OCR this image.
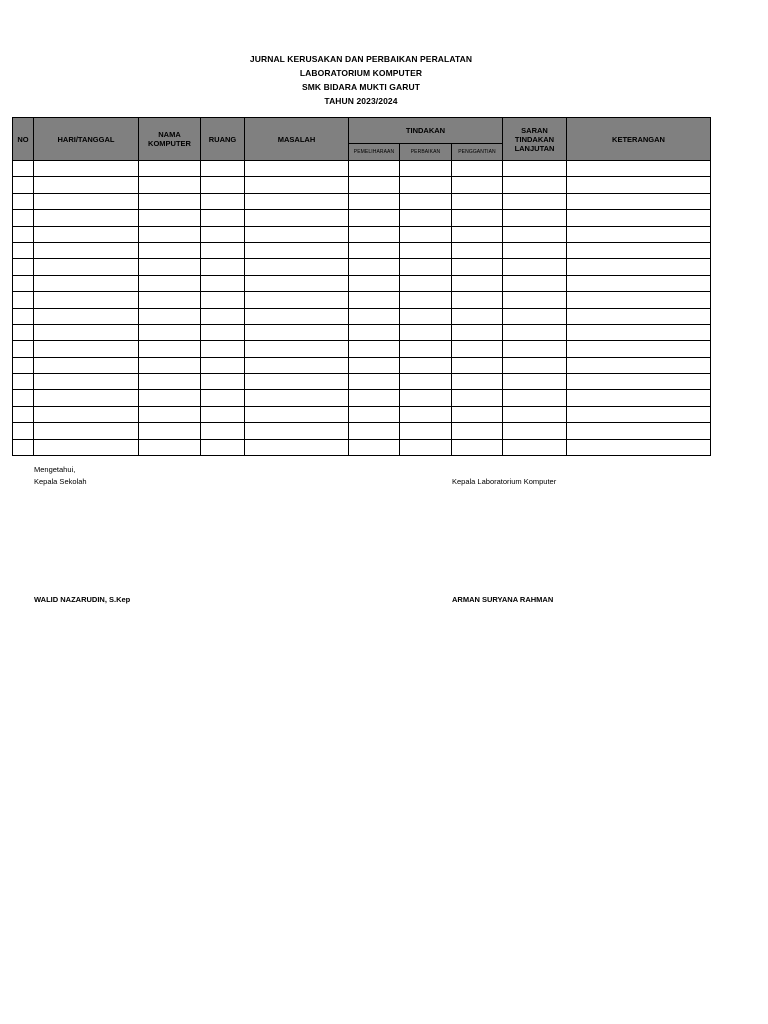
JURNAL KERUSAKAN DAN PERBAIKAN PERALATAN
LABORATORIUM KOMPUTER
SMK BIDARA MUKTI GARUT
TAHUN 2023/2024
NO	HARI/TANGGAL	NAMA KOMPUTER	RUANG	MASALAH	TINDAKAN			SARAN TINDAKAN LANJUTAN	KETERANGAN
					PEMELIHARAAN	PERBAIKAN	PENGGANTIAN		

Mengetahui,
Kepala Sekolah	Kepala Laboratorium Komputer
WALID NAZARUDIN, S.Kep	ARMAN SURYANA RAHMAN
